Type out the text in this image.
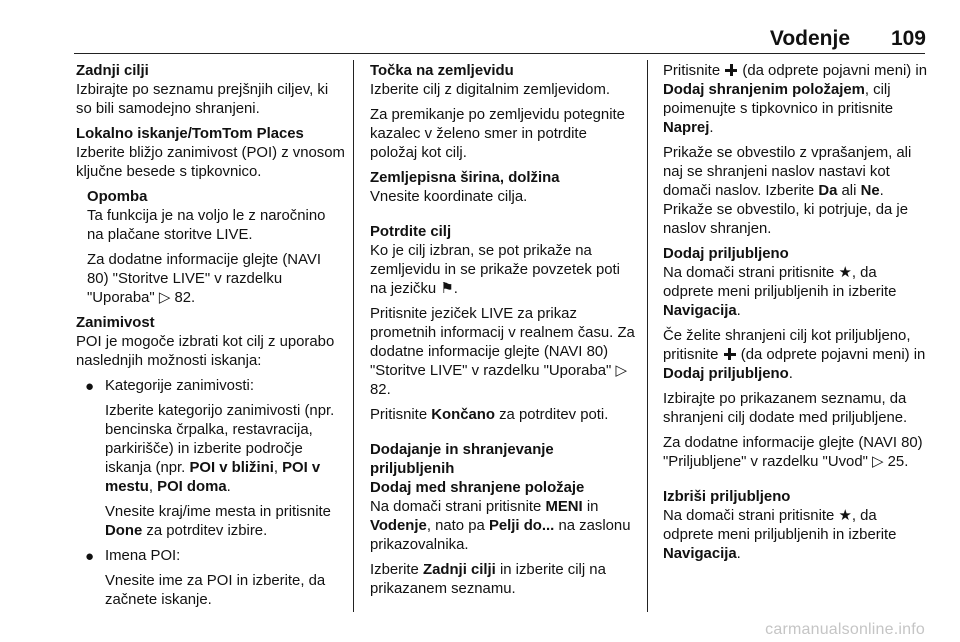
Vodenje 109
Zadnji cilji

Izbirajte po seznamu prejšnjih ciljev, ki so bili samodejno shranjeni.

Lokalno iskanje/TomTom Places

Izberite bližjo zanimivost (POI) z vnosom ključne besede s tipkovnico.

Opomba

Ta funkcija je na voljo le z naročnino na plačane storitve LIVE.

Za dodatne informacije glejte (NAVI 80) "Storitve LIVE" v razdelku "Uporaba" ▷ 82.

Zanimivost

POI je mogoče izbrati kot cilj z uporabo naslednjih možnosti iskanja:

● Kategorije zanimivosti:

Izberite kategorijo zanimivosti (npr. bencinska črpalka, restavracija, parkirišče) in izberite področje iskanja (npr. POI v bližini, POI v mestu, POI doma.

Vnesite kraj/ime mesta in pritisnite Done za potrditev izbire.

● Imena POI:

Vnesite ime za POI in izberite, da začnete iskanje.

Točka na zemljevidu

Izberite cilj z digitalnim zemljevidom.

Za premikanje po zemljevidu potegnite kazalec v želeno smer in potrdite položaj kot cilj.

Zemljepisna širina, dolžina

Vnesite koordinate cilja.

Potrdite cilj

Ko je cilj izbran, se pot prikaže na zemljevidu in se prikaže povzetek poti na jezičku ⚑.

Pritisnite jeziček LIVE za prikaz prometnih informacij v realnem času. Za dodatne informacije glejte (NAVI 80) "Storitve LIVE" v razdelku "Uporaba" ▷ 82.

Pritisnite Končano za potrditev poti.

Dodajanje in shranjevanje priljubljenih
Dodaj med shranjene položaje

Na domači strani pritisnite MENI in Vodenje, nato pa Pelji do... na zaslonu prikazovalnika.

Izberite Zadnji cilji in izberite cilj na prikazanem seznamu.

Pritisnite (da odprete pojavni meni) in Dodaj shranjenim položajem, cilj poimenujte s tipkovnico in pritisnite Naprej.

Prikaže se obvestilo z vprašanjem, ali naj se shranjeni naslov nastavi kot domači naslov. Izberite Da ali Ne. Prikaže se obvestilo, ki potrjuje, da je naslov shranjen.

Dodaj priljubljeno

Na domači strani pritisnite ★, da odprete meni priljubljenih in izberite Navigacija.

Če želite shranjeni cilj kot priljubljeno, pritisnite (da odprete pojavni meni) in Dodaj priljubljeno.

Izbirajte po prikazanem seznamu, da shranjeni cilj dodate med priljubljene.

Za dodatne informacije glejte (NAVI 80) "Priljubljene" v razdelku "Uvod" ▷ 25.

Izbriši priljubljeno

Na domači strani pritisnite ★, da odprete meni priljubljenih in izberite Navigacija.

carmanualsonline.info
